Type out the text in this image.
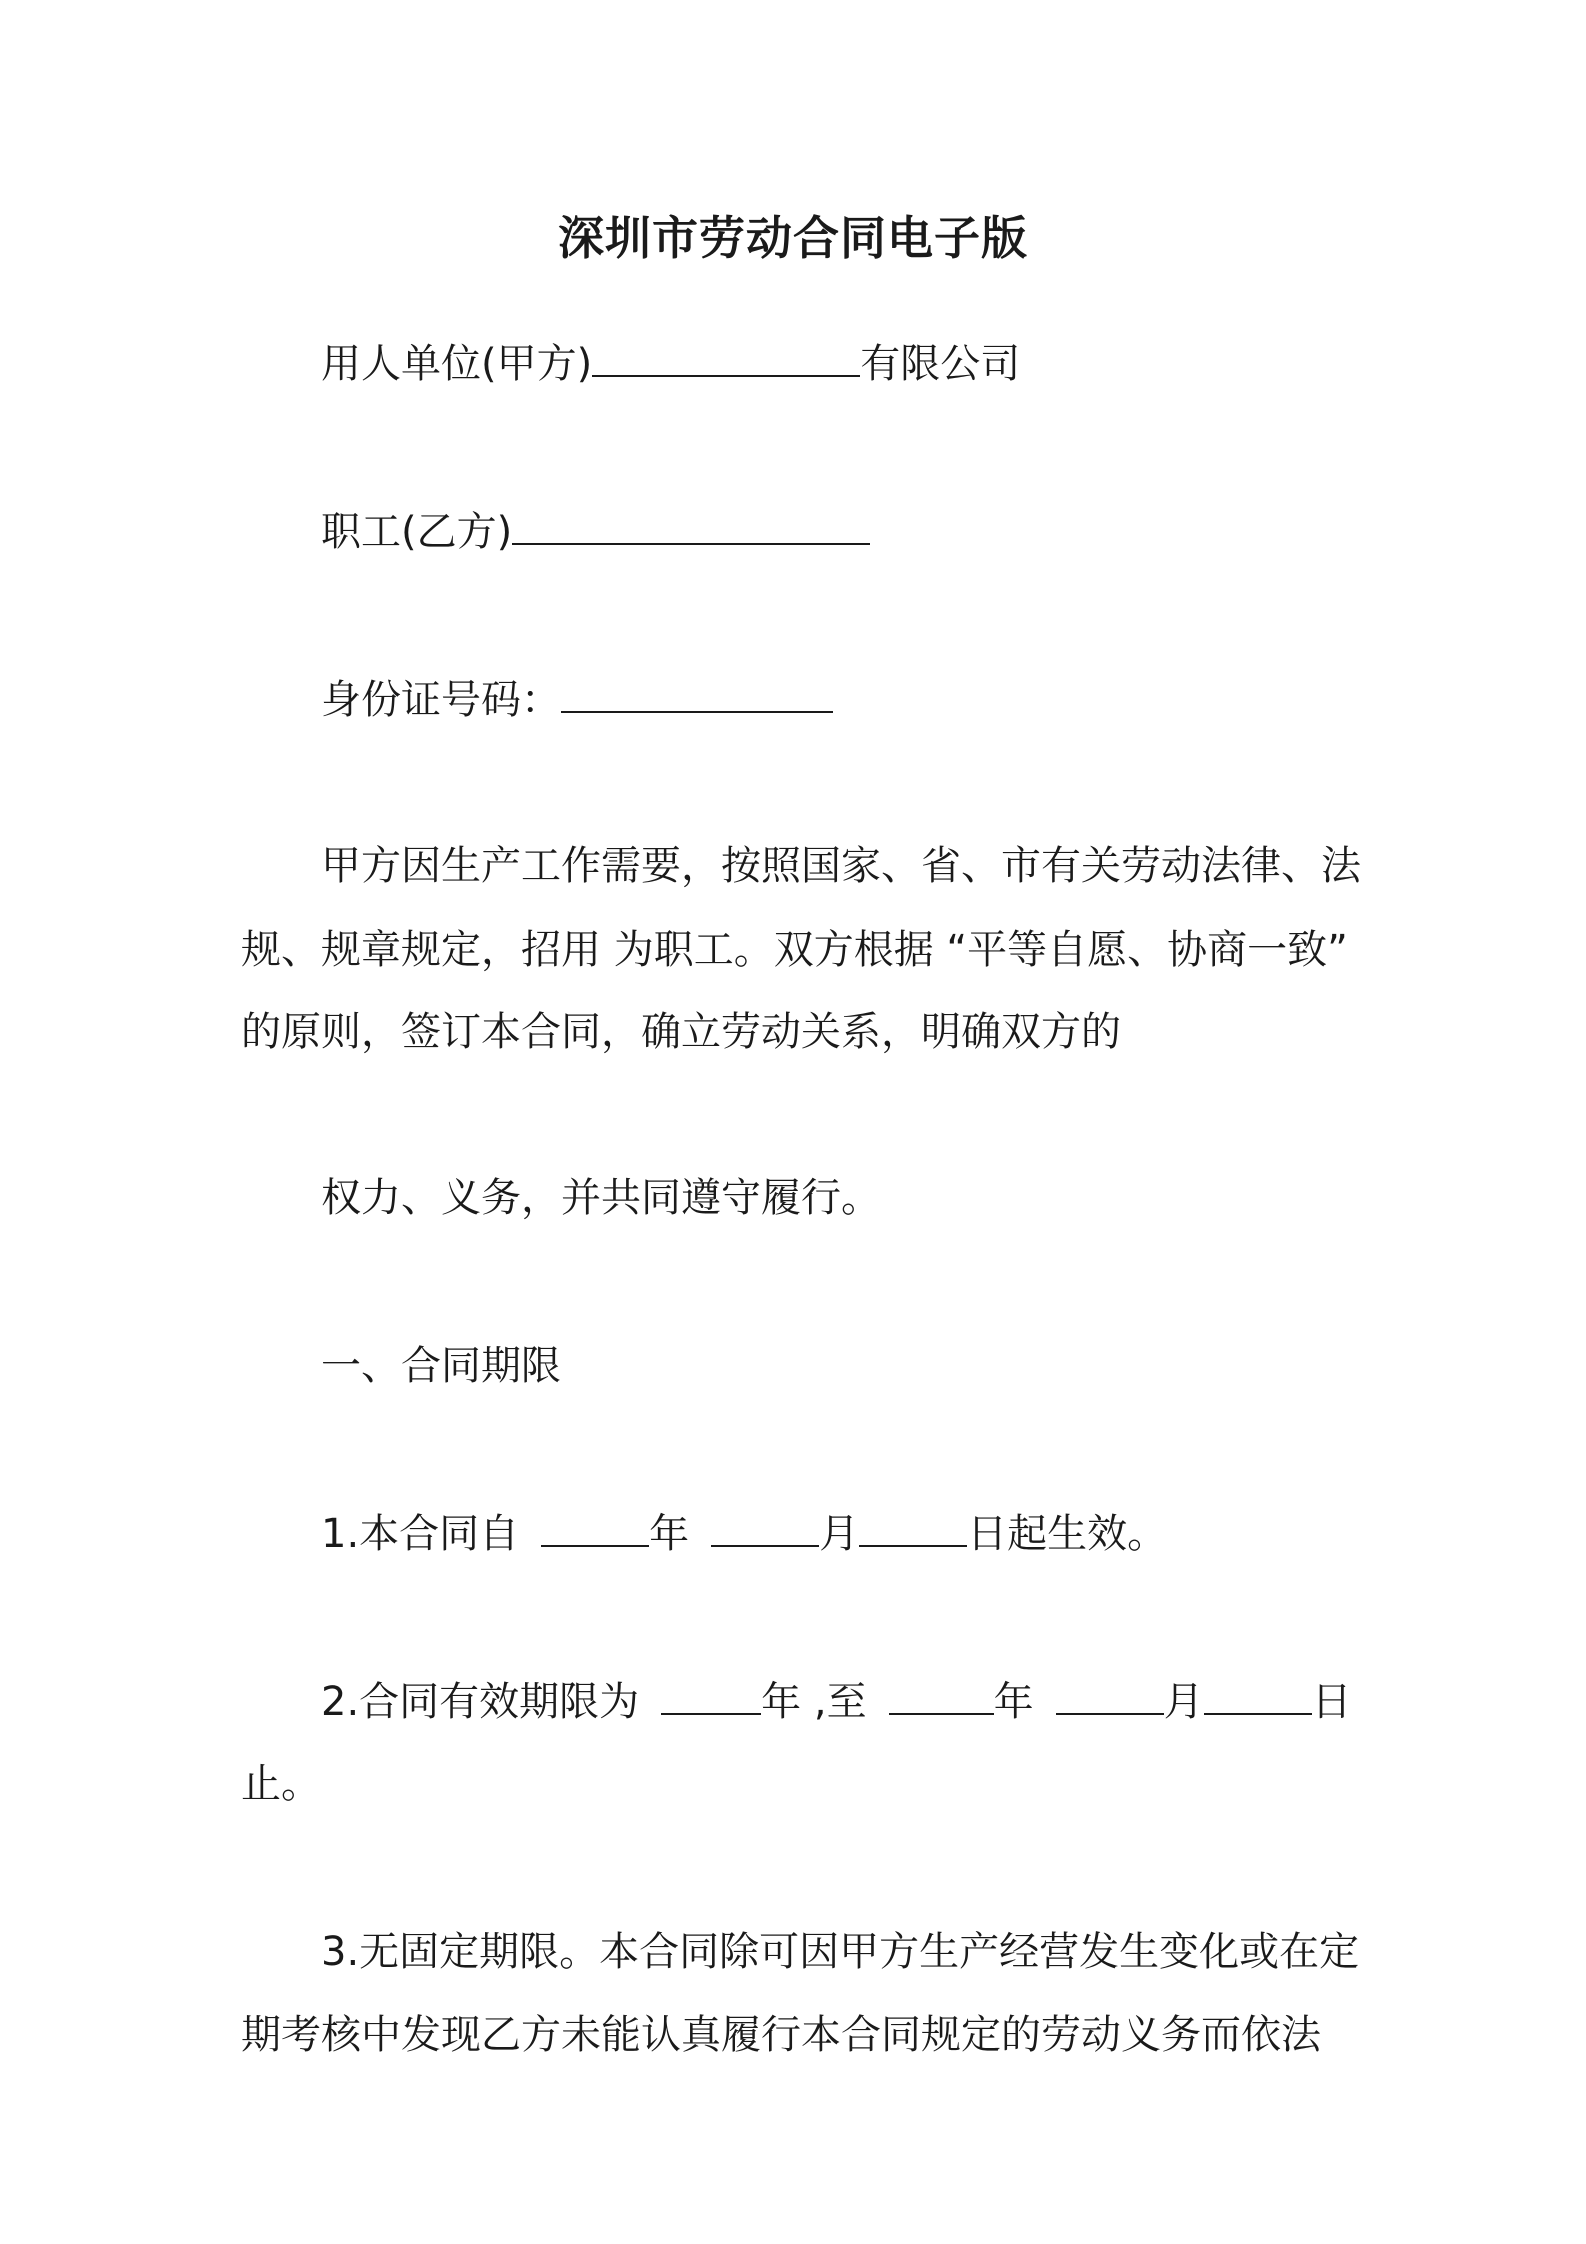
深圳市劳动合同电子版
用人单位(甲方)	有限公司
职工(乙方)
身份证号码：
甲方因生产工作需要，按照国家、省、市有关劳动法律、法
规、规章规定，招用 为职工。双方根据 “平等自愿、协商一致”
的原则，签订本合同，确立劳动关系，明确双方的
权力、义务，并共同遵守履行。
一、合同期限
1.本合同自	年	月	日起生效。
2.合同有效期限为	年 ,至	年	月	日
止。
3.无固定期限。本合同除可因甲方生产经营发生变化或在定
期考核中发现乙方未能认真履行本合同规定的劳动义务而依法
